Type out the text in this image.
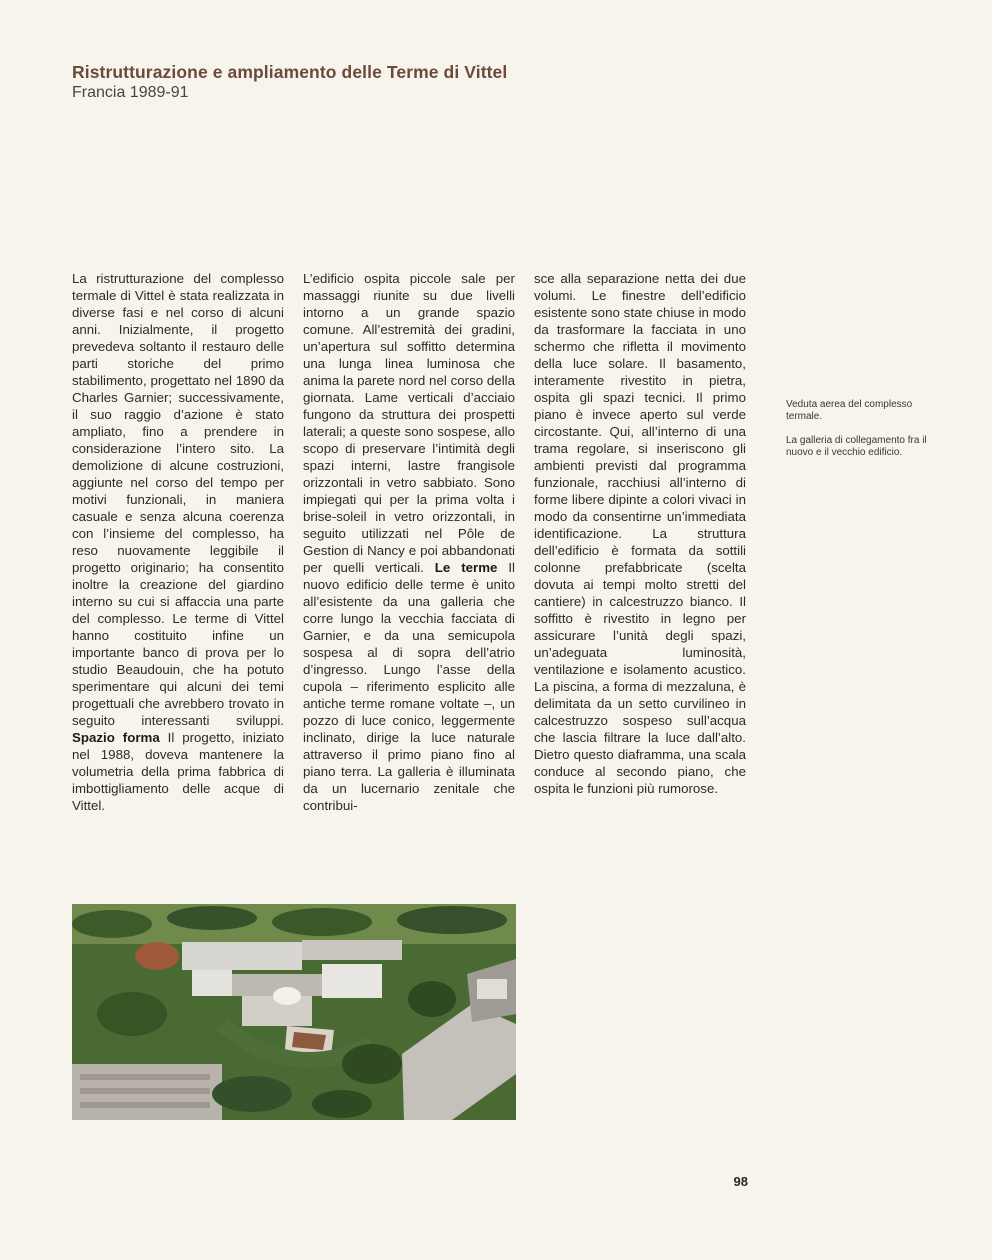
Ristrutturazione e ampliamento delle Terme di Vittel
Francia 1989-91

La ristrutturazione del complesso termale di Vittel è stata realizzata in diverse fasi e nel corso di alcuni anni. Inizialmente, il progetto prevedeva soltanto il restauro delle parti storiche del primo stabilimento, progettato nel 1890 da Charles Garnier; successivamente, il suo raggio d’azione è stato ampliato, fino a prendere in considerazione l’intero sito. La demolizione di alcune costruzioni, aggiunte nel corso del tempo per motivi funzionali, in maniera casuale e senza alcuna coerenza con l’insieme del complesso, ha reso nuovamente leggibile il progetto originario; ha consentito inoltre la creazione del giardino interno su cui si affaccia una parte del complesso. Le terme di Vittel hanno costituito infine un importante banco di prova per lo studio Beaudouin, che ha potuto sperimentare qui alcuni dei temi progettuali che avrebbero trovato in seguito interessanti sviluppi. Spazio forma Il progetto, iniziato nel 1988, doveva mantenere la volumetria della prima fabbrica di imbottigliamento delle acque di Vittel.

L’edificio ospita piccole sale per massaggi riunite su due livelli intorno a un grande spazio comune. All’estremità dei gradini, un’apertura sul soffitto determina una lunga linea luminosa che anima la parete nord nel corso della giornata. Lame verticali d’acciaio fungono da struttura dei prospetti laterali; a queste sono sospese, allo scopo di preservare l’intimità degli spazi interni, lastre frangisole orizzontali in vetro sabbiato. Sono impiegati qui per la prima volta i brise-soleil in vetro orizzontali, in seguito utilizzati nel Pôle de Gestion di Nancy e poi abbandonati per quelli verticali. Le terme Il nuovo edificio delle terme è unito all’esistente da una galleria che corre lungo la vecchia facciata di Garnier, e da una semicupola sospesa al di sopra dell’atrio d’ingresso. Lungo l’asse della cupola – riferimento esplicito alle antiche terme romane voltate –, un pozzo di luce conico, leggermente inclinato, dirige la luce naturale attraverso il primo piano fino al piano terra. La galleria è illuminata da un lucernario zenitale che contribui-

sce alla separazione netta dei due volumi. Le finestre dell’edificio esistente sono state chiuse in modo da trasformare la facciata in uno schermo che rifletta il movimento della luce solare. Il basamento, interamente rivestito in pietra, ospita gli spazi tecnici. Il primo piano è invece aperto sul verde circostante. Qui, all’interno di una trama regolare, si inseriscono gli ambienti previsti dal programma funzionale, racchiusi all’interno di forme libere dipinte a colori vivaci in modo da consentirne un’immediata identificazione. La struttura dell’edificio è formata da sottili colonne prefabbricate (scelta dovuta ai tempi molto stretti del cantiere) in calcestruzzo bianco. Il soffitto è rivestito in legno per assicurare l’unità degli spazi, un’adeguata luminosità, ventilazione e isolamento acustico. La piscina, a forma di mezzaluna, è delimitata da un setto curvilineo in calcestruzzo sospeso sull’acqua che lascia filtrare la luce dall’alto. Dietro questo diaframma, una scala conduce al secondo piano, che ospita le funzioni più rumorose.

Veduta aerea del complesso termale.

La galleria di collegamento fra il nuovo e il vecchio edificio.

98
